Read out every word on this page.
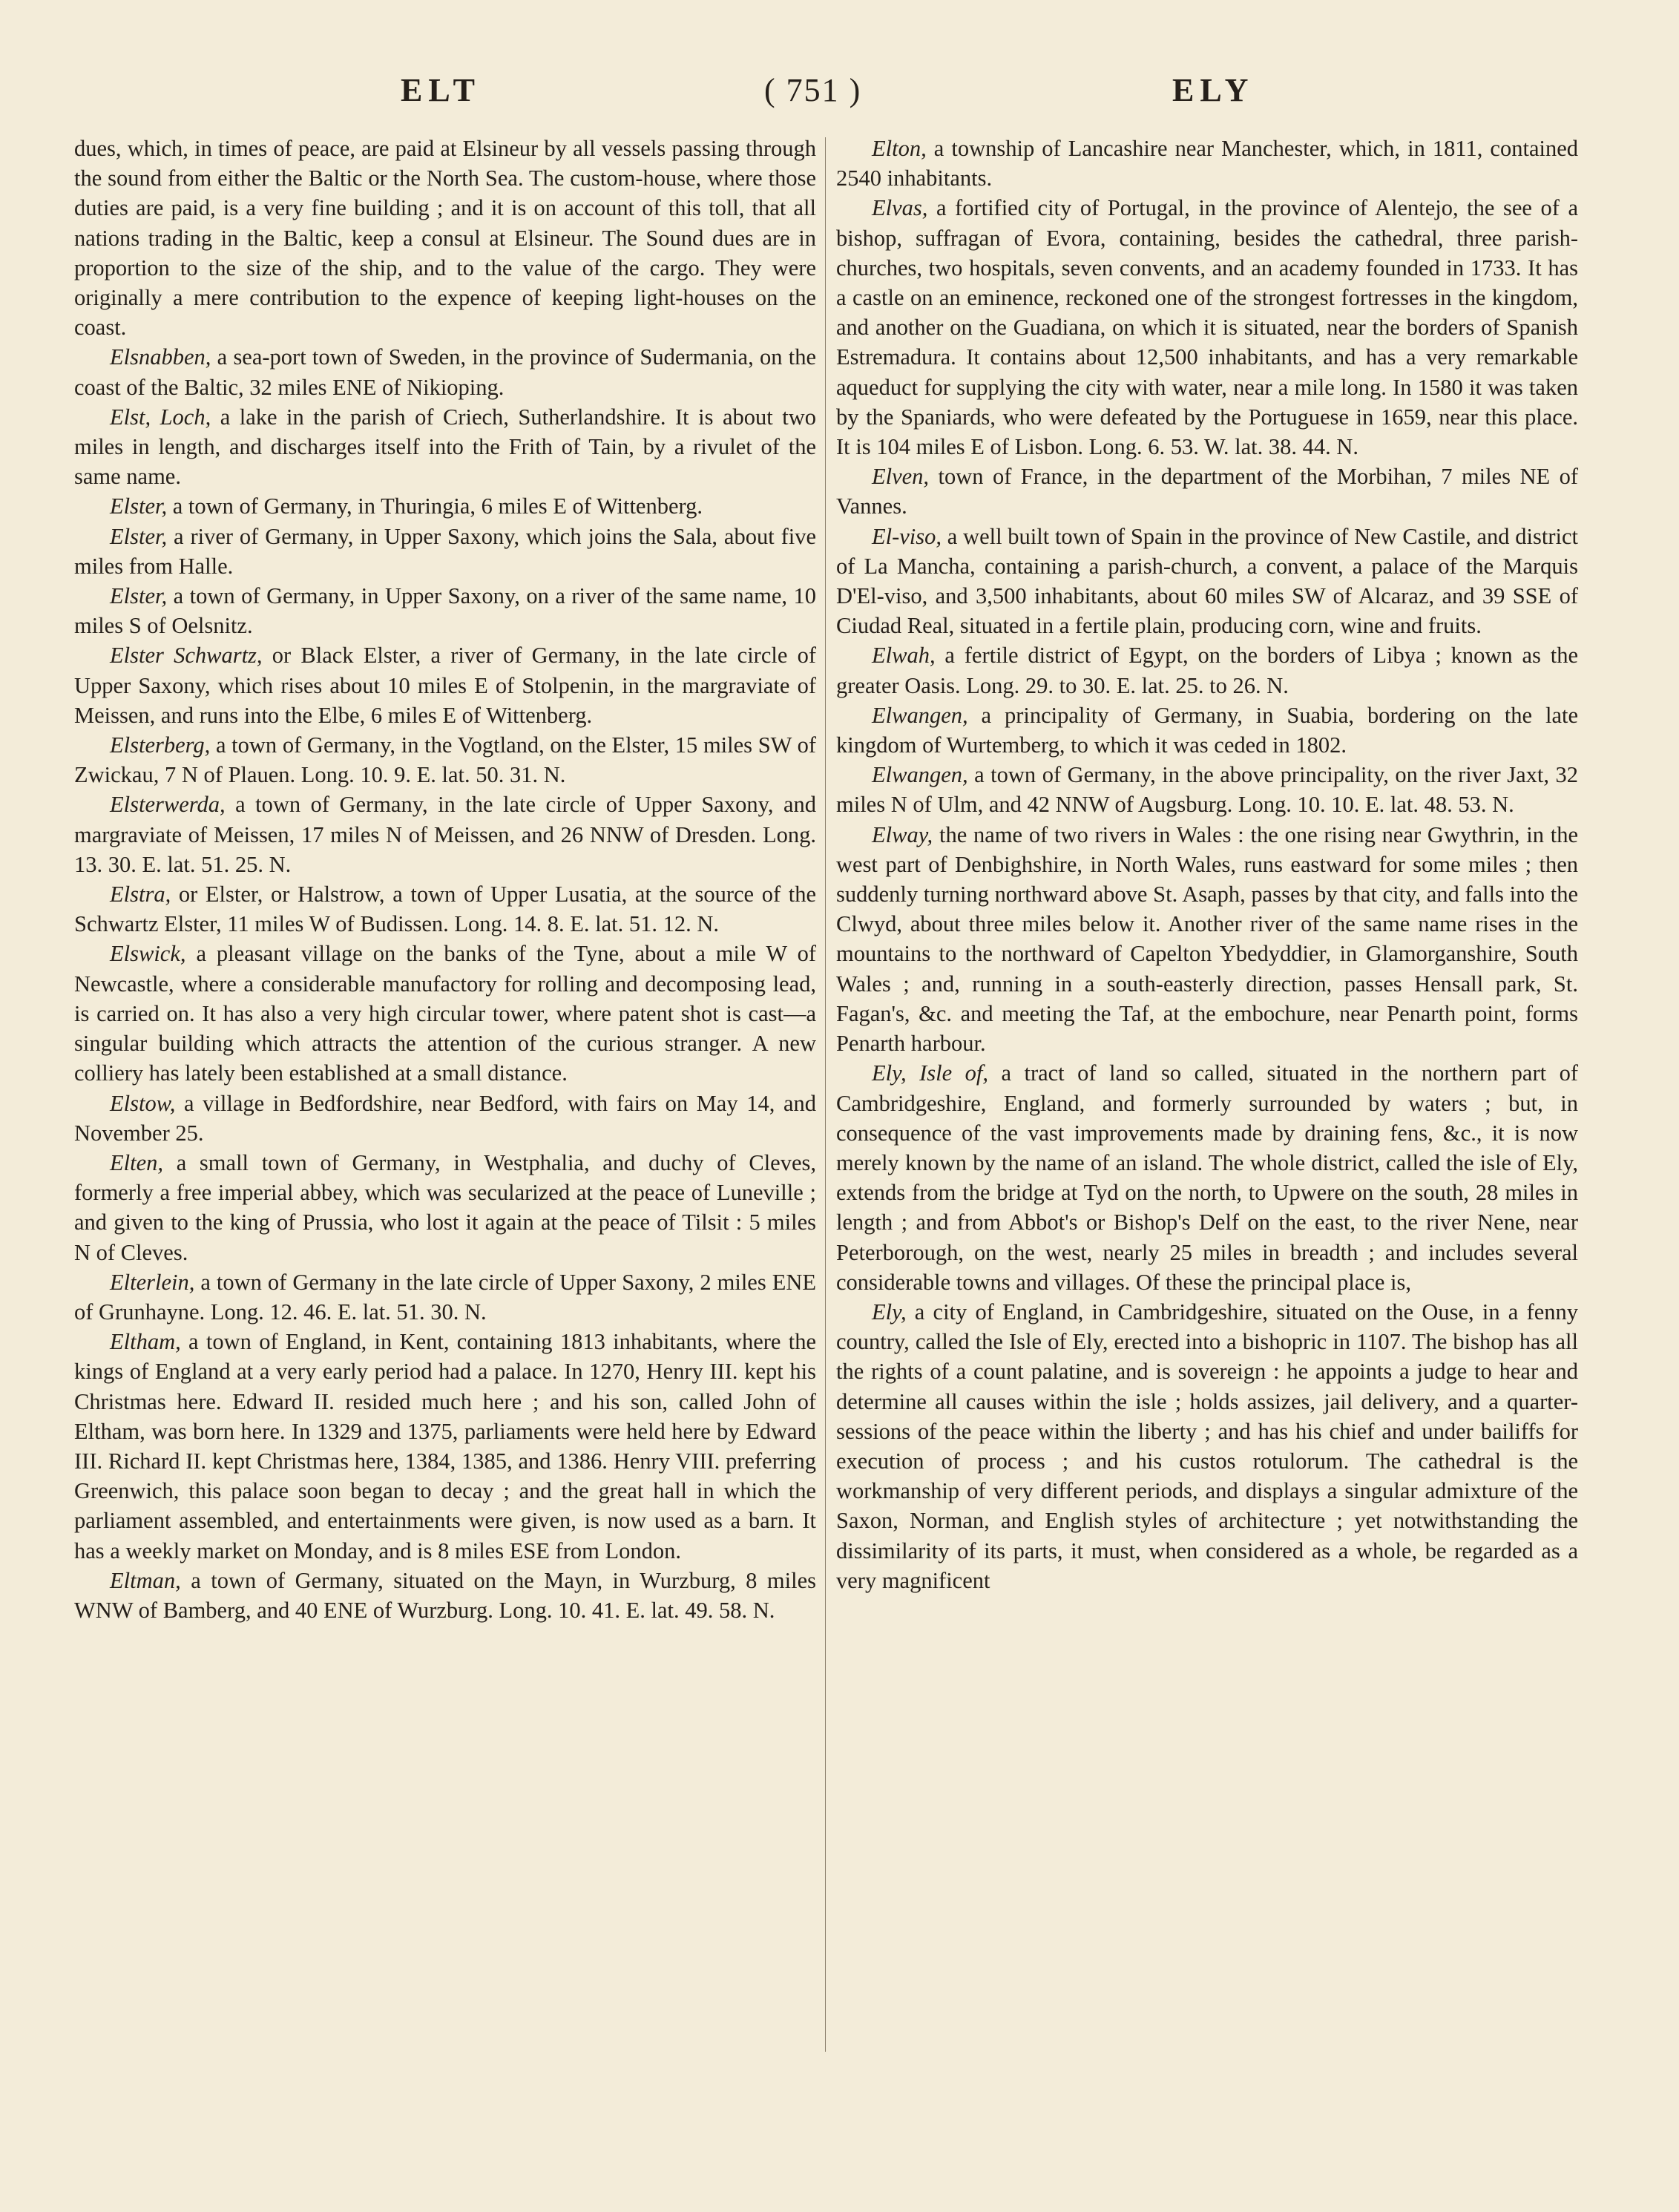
ELT	( 751 )	ELY

dues, which, in times of peace, are paid at Elsineur by all vessels passing through the sound from either the Baltic or the North Sea. The custom-house, where those duties are paid, is a very fine building ; and it is on account of this toll, that all nations trading in the Baltic, keep a consul at Elsineur. The Sound dues are in proportion to the size of the ship, and to the value of the cargo. They were originally a mere contribution to the expence of keeping light-houses on the coast.

Elsnabben, a sea-port town of Sweden, in the province of Sudermania, on the coast of the Baltic, 32 miles ENE of Nikioping.

Elst, Loch, a lake in the parish of Criech, Sutherlandshire. It is about two miles in length, and discharges itself into the Frith of Tain, by a rivulet of the same name.

Elster, a town of Germany, in Thuringia, 6 miles E of Wittenberg.

Elster, a river of Germany, in Upper Saxony, which joins the Sala, about five miles from Halle.

Elster, a town of Germany, in Upper Saxony, on a river of the same name, 10 miles S of Oelsnitz.

Elster Schwartz, or Black Elster, a river of Germany, in the late circle of Upper Saxony, which rises about 10 miles E of Stolpenin, in the margraviate of Meissen, and runs into the Elbe, 6 miles E of Wittenberg.

Elsterberg, a town of Germany, in the Vogtland, on the Elster, 15 miles SW of Zwickau, 7 N of Plauen. Long. 10. 9. E. lat. 50. 31. N.

Elsterwerda, a town of Germany, in the late circle of Upper Saxony, and margraviate of Meissen, 17 miles N of Meissen, and 26 NNW of Dresden. Long. 13. 30. E. lat. 51. 25. N.

Elstra, or Elster, or Halstrow, a town of Upper Lusatia, at the source of the Schwartz Elster, 11 miles W of Budissen. Long. 14. 8. E. lat. 51. 12. N.

Elswick, a pleasant village on the banks of the Tyne, about a mile W of Newcastle, where a considerable manufactory for rolling and decomposing lead, is carried on. It has also a very high circular tower, where patent shot is cast—a singular building which attracts the attention of the curious stranger. A new colliery has lately been established at a small distance.

Elstow, a village in Bedfordshire, near Bedford, with fairs on May 14, and November 25.

Elten, a small town of Germany, in Westphalia, and duchy of Cleves, formerly a free imperial abbey, which was secularized at the peace of Luneville ; and given to the king of Prussia, who lost it again at the peace of Tilsit : 5 miles N of Cleves.

Elterlein, a town of Germany in the late circle of Upper Saxony, 2 miles ENE of Grunhayne. Long. 12. 46. E. lat. 51. 30. N.

Eltham, a town of England, in Kent, containing 1813 inhabitants, where the kings of England at a very early period had a palace. In 1270, Henry III. kept his Christmas here. Edward II. resided much here ; and his son, called John of Eltham, was born here. In 1329 and 1375, parliaments were held here by Edward III. Richard II. kept Christmas here, 1384, 1385, and 1386. Henry VIII. preferring Greenwich, this palace soon began to decay ; and the great hall in which the parliament assembled, and entertainments were given, is now used as a barn. It has a weekly market on Monday, and is 8 miles ESE from London.

Eltman, a town of Germany, situated on the Mayn, in Wurzburg, 8 miles WNW of Bamberg, and 40 ENE of Wurzburg. Long. 10. 41. E. lat. 49. 58. N.

Elton, a township of Lancashire near Manchester, which, in 1811, contained 2540 inhabitants.

Elvas, a fortified city of Portugal, in the province of Alentejo, the see of a bishop, suffragan of Evora, containing, besides the cathedral, three parish-churches, two hospitals, seven convents, and an academy founded in 1733. It has a castle on an eminence, reckoned one of the strongest fortresses in the kingdom, and another on the Guadiana, on which it is situated, near the borders of Spanish Estremadura. It contains about 12,500 inhabitants, and has a very remarkable aqueduct for supplying the city with water, near a mile long. In 1580 it was taken by the Spaniards, who were defeated by the Portuguese in 1659, near this place. It is 104 miles E of Lisbon. Long. 6. 53. W. lat. 38. 44. N.

Elven, town of France, in the department of the Morbihan, 7 miles NE of Vannes.

El-viso, a well built town of Spain in the province of New Castile, and district of La Mancha, containing a parish-church, a convent, a palace of the Marquis D'El-viso, and 3,500 inhabitants, about 60 miles SW of Alcaraz, and 39 SSE of Ciudad Real, situated in a fertile plain, producing corn, wine and fruits.

Elwah, a fertile district of Egypt, on the borders of Libya ; known as the greater Oasis. Long. 29. to 30. E. lat. 25. to 26. N.

Elwangen, a principality of Germany, in Suabia, bordering on the late kingdom of Wurtemberg, to which it was ceded in 1802.

Elwangen, a town of Germany, in the above principality, on the river Jaxt, 32 miles N of Ulm, and 42 NNW of Augsburg. Long. 10. 10. E. lat. 48. 53. N.

Elway, the name of two rivers in Wales : the one rising near Gwythrin, in the west part of Denbighshire, in North Wales, runs eastward for some miles ; then suddenly turning northward above St. Asaph, passes by that city, and falls into the Clwyd, about three miles below it. Another river of the same name rises in the mountains to the northward of Capelton Ybedyddier, in Glamorganshire, South Wales ; and, running in a south-easterly direction, passes Hensall park, St. Fagan's, &c. and meeting the Taf, at the embochure, near Penarth point, forms Penarth harbour.

Ely, Isle of, a tract of land so called, situated in the northern part of Cambridgeshire, England, and formerly surrounded by waters ; but, in consequence of the vast improvements made by draining fens, &c., it is now merely known by the name of an island. The whole district, called the isle of Ely, extends from the bridge at Tyd on the north, to Upwere on the south, 28 miles in length ; and from Abbot's or Bishop's Delf on the east, to the river Nene, near Peterborough, on the west, nearly 25 miles in breadth ; and includes several considerable towns and villages. Of these the principal place is,

Ely, a city of England, in Cambridgeshire, situated on the Ouse, in a fenny country, called the Isle of Ely, erected into a bishopric in 1107. The bishop has all the rights of a count palatine, and is sovereign : he appoints a judge to hear and determine all causes within the isle ; holds assizes, jail delivery, and a quarter-sessions of the peace within the liberty ; and has his chief and under bailiffs for execution of process ; and his custos rotulorum. The cathedral is the workmanship of very different periods, and displays a singular admixture of the Saxon, Norman, and English styles of architecture ; yet notwithstanding the dissimilarity of its parts, it must, when considered as a whole, be regarded as a very magnificent
